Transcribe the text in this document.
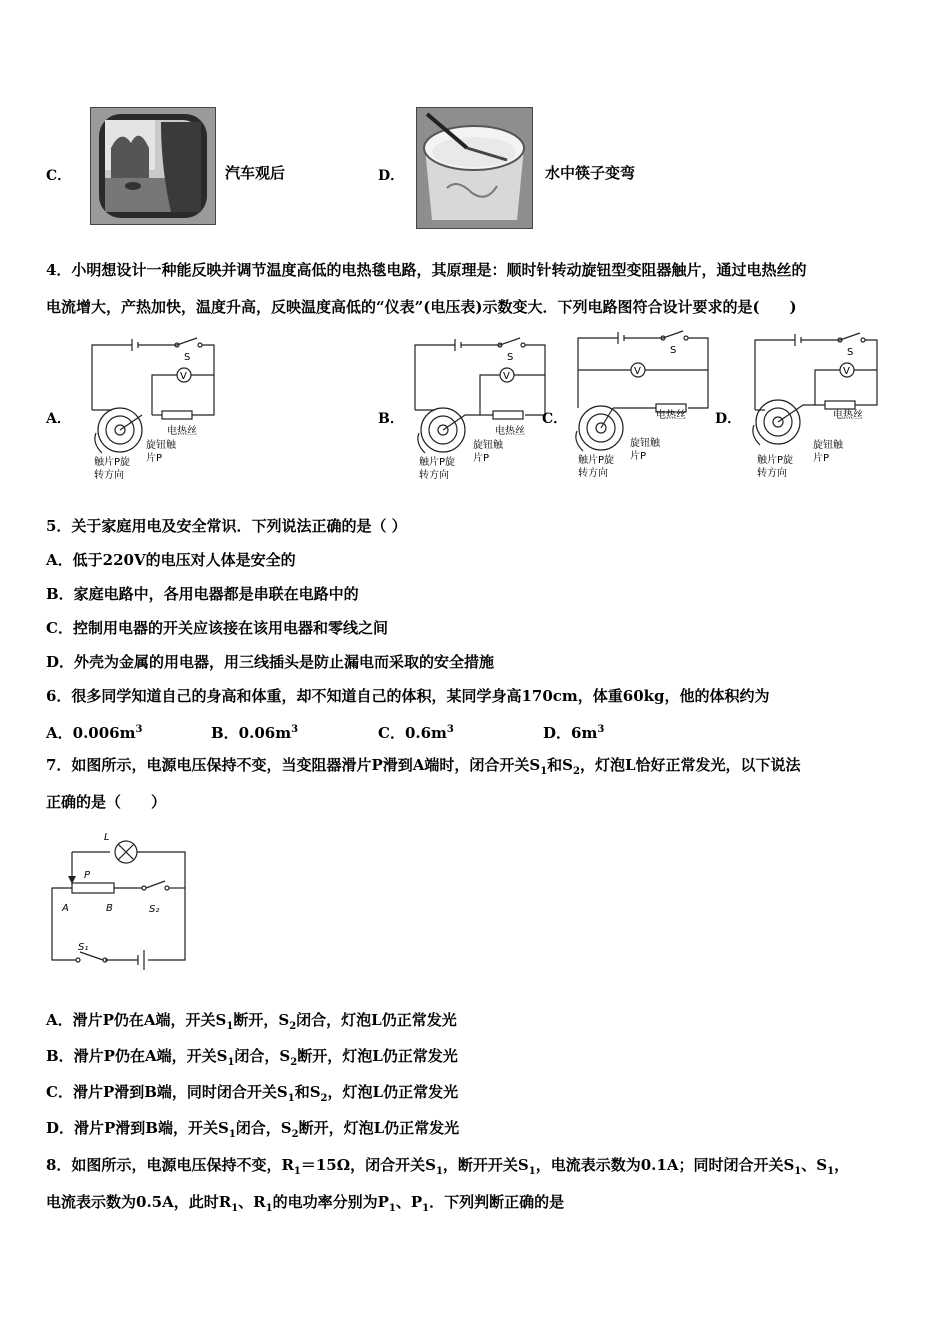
C．	汽车观后	D．	水中筷子变弯
4．小明想设计一种能反映并调节温度高低的电热毯电路，其原理是：顺时针转动旋钮型变阻器触片，通过电热丝的
电流增大，产热加快，温度升高，反映温度高低的“仪表”(电压表)示数变大．下列电路图符合设计要求的是(　　)
A．
V
S
电热丝
旋钮触
片P
触片P旋
转方向
B．
V
S
电热丝
旋钮触
片P
触片P旋
转方向
C．
V
S
电热丝
旋钮触
片P
触片P旋
转方向
D．
V
S
电热丝
旋钮触
片P
触片P旋
转方向
5．关于家庭用电及安全常识．下列说法正确的是（ ）
A．低于220V的电压对人体是安全的
B．家庭电路中，各用电器都是串联在电路中的
C．控制用电器的开关应该接在该用电器和零线之间
D．外壳为金属的用电器，用三线插头是防止漏电而采取的安全措施
6．很多同学知道自己的身高和体重，却不知道自己的体积，某同学身高170cm，体重60kg，他的体积约为
A．$0.006m^3$	B．$0.06m^3$	C．$0.6m^3$	D．$6m^3$
7．如图所示，电源电压保持不变，当变阻器滑片P滑到A端时，闭合开关$S_1$和$S_2$，灯泡L恰好正常发光，以下说法
正确的是（　　）
L
P
A	B	S₂
S₁
A．滑片P仍在A端，开关$S_1$断开，$S_2$闭合，灯泡L仍正常发光
B．滑片P仍在A端，开关$S_1$闭合，$S_2$断开，灯泡L仍正常发光
C．滑片P滑到B端，同时闭合开关$S_1$和$S_2$，灯泡L仍正常发光
D．滑片P滑到B端，开关$S_1$闭合，$S_2$断开，灯泡L仍正常发光
8．如图所示，电源电压保持不变，$R_1=15\Omega$，闭合开关$S_1$，断开开关$S_1$，电流表示数为0.1A；同时闭合开关$S_1$、$S_1$，
电流表示数为0.5A，此时$R_1$、$R_1$的电功率分别为$P_1$、$P_1$．下列判断正确的是
